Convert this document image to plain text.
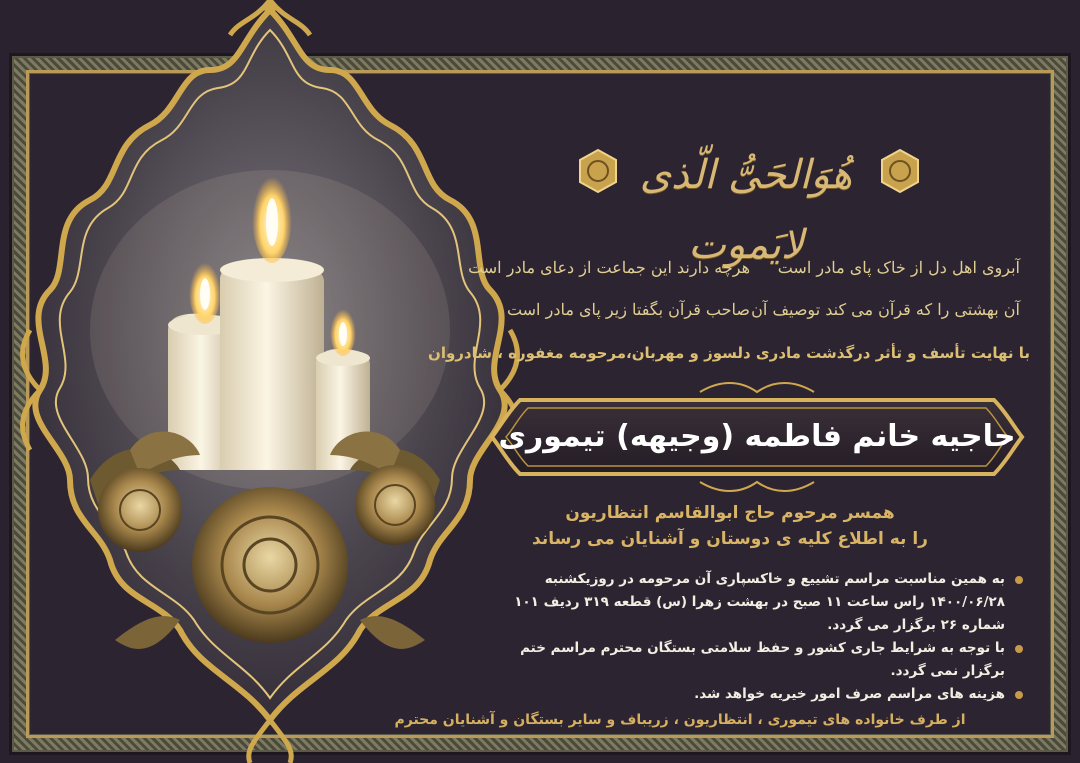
هُوَالحَیُّ الّذی لایَموت
آبروی اهل دل از خاک پای مادر است
هرچه دارند این جماعت از دعای مادر است
آن بهشتی را که قرآن می کند توصیف آن
صاحب قرآن بگفتا زیر پای مادر است
با نهایت تأسف و تأثر درگذشت مادری دلسوز و مهربان،مرحومه مغفوره ، شادروان
حاجیه خانم فاطمه (وجیهه) تیموری
همسر مرحوم حاج ابوالقاسم انتظاریون
را به اطلاع کلیه ی دوستان و آشنایان می رساند
به همین مناسبت مراسم تشییع و خاکسپاری آن مرحومه در روزیکشنبه ۱۴۰۰/۰۶/۲۸ راس ساعت ۱۱ صبح در بهشت زهرا (س) قطعه ۳۱۹ ردیف ۱۰۱ شماره ۲۶ برگزار می گردد.
با توجه به شرایط جاری کشور و حفظ سلامتی بستگان محترم مراسم ختم برگزار نمی گردد.
هزینه های مراسم صرف امور خیریه خواهد شد.
از طرف خانواده های تیموری ، انتظاریون ، زریباف و سایر بستگان و آشنایان محترم
